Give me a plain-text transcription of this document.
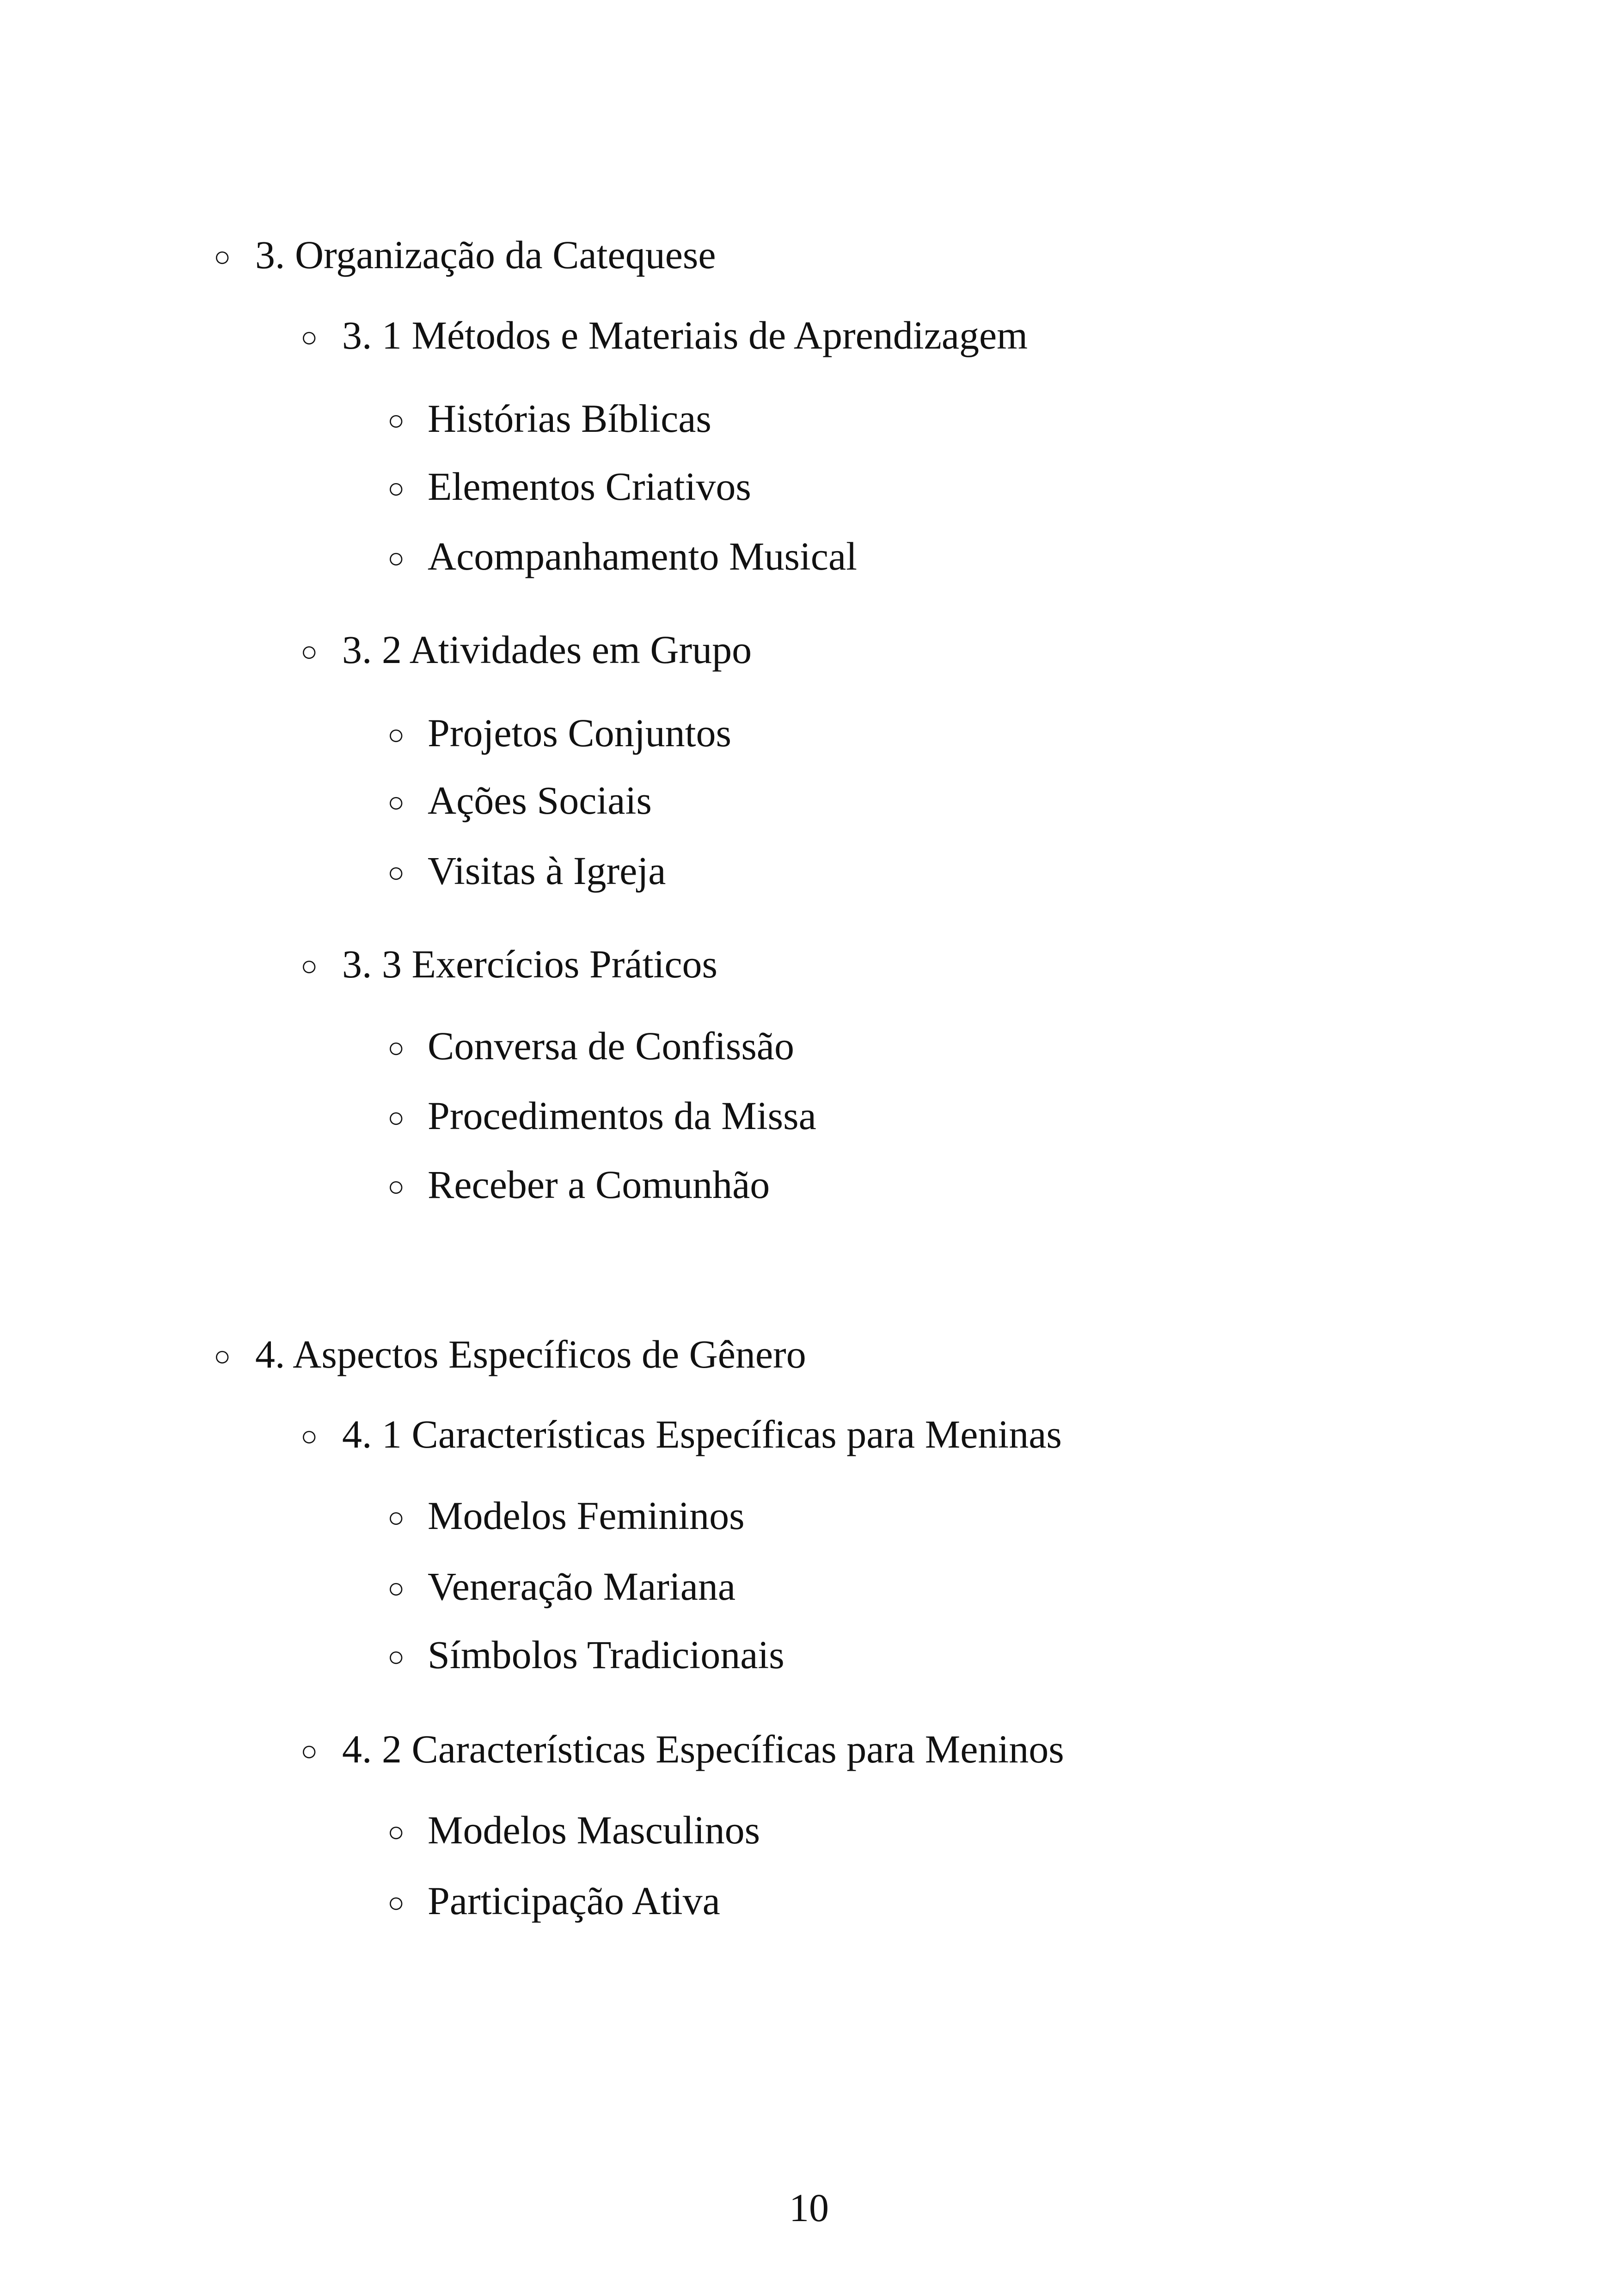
○ 3. Organização da Catequese
○ 3. 1 Métodos e Materiais de Aprendizagem
○ Histórias Bíblicas
○ Elementos Criativos
○ Acompanhamento Musical
○ 3. 2 Atividades em Grupo
○ Projetos Conjuntos
○ Ações Sociais
○ Visitas à Igreja
○ 3. 3 Exercícios Práticos
○ Conversa de Confissão
○ Procedimentos da Missa
○ Receber a Comunhão
○ 4. Aspectos Específicos de Gênero
○ 4. 1 Características Específicas para Meninas
○ Modelos Femininos
○ Veneração Mariana
○ Símbolos Tradicionais
○ 4. 2 Características Específicas para Meninos
○ Modelos Masculinos
○ Participação Ativa
10
